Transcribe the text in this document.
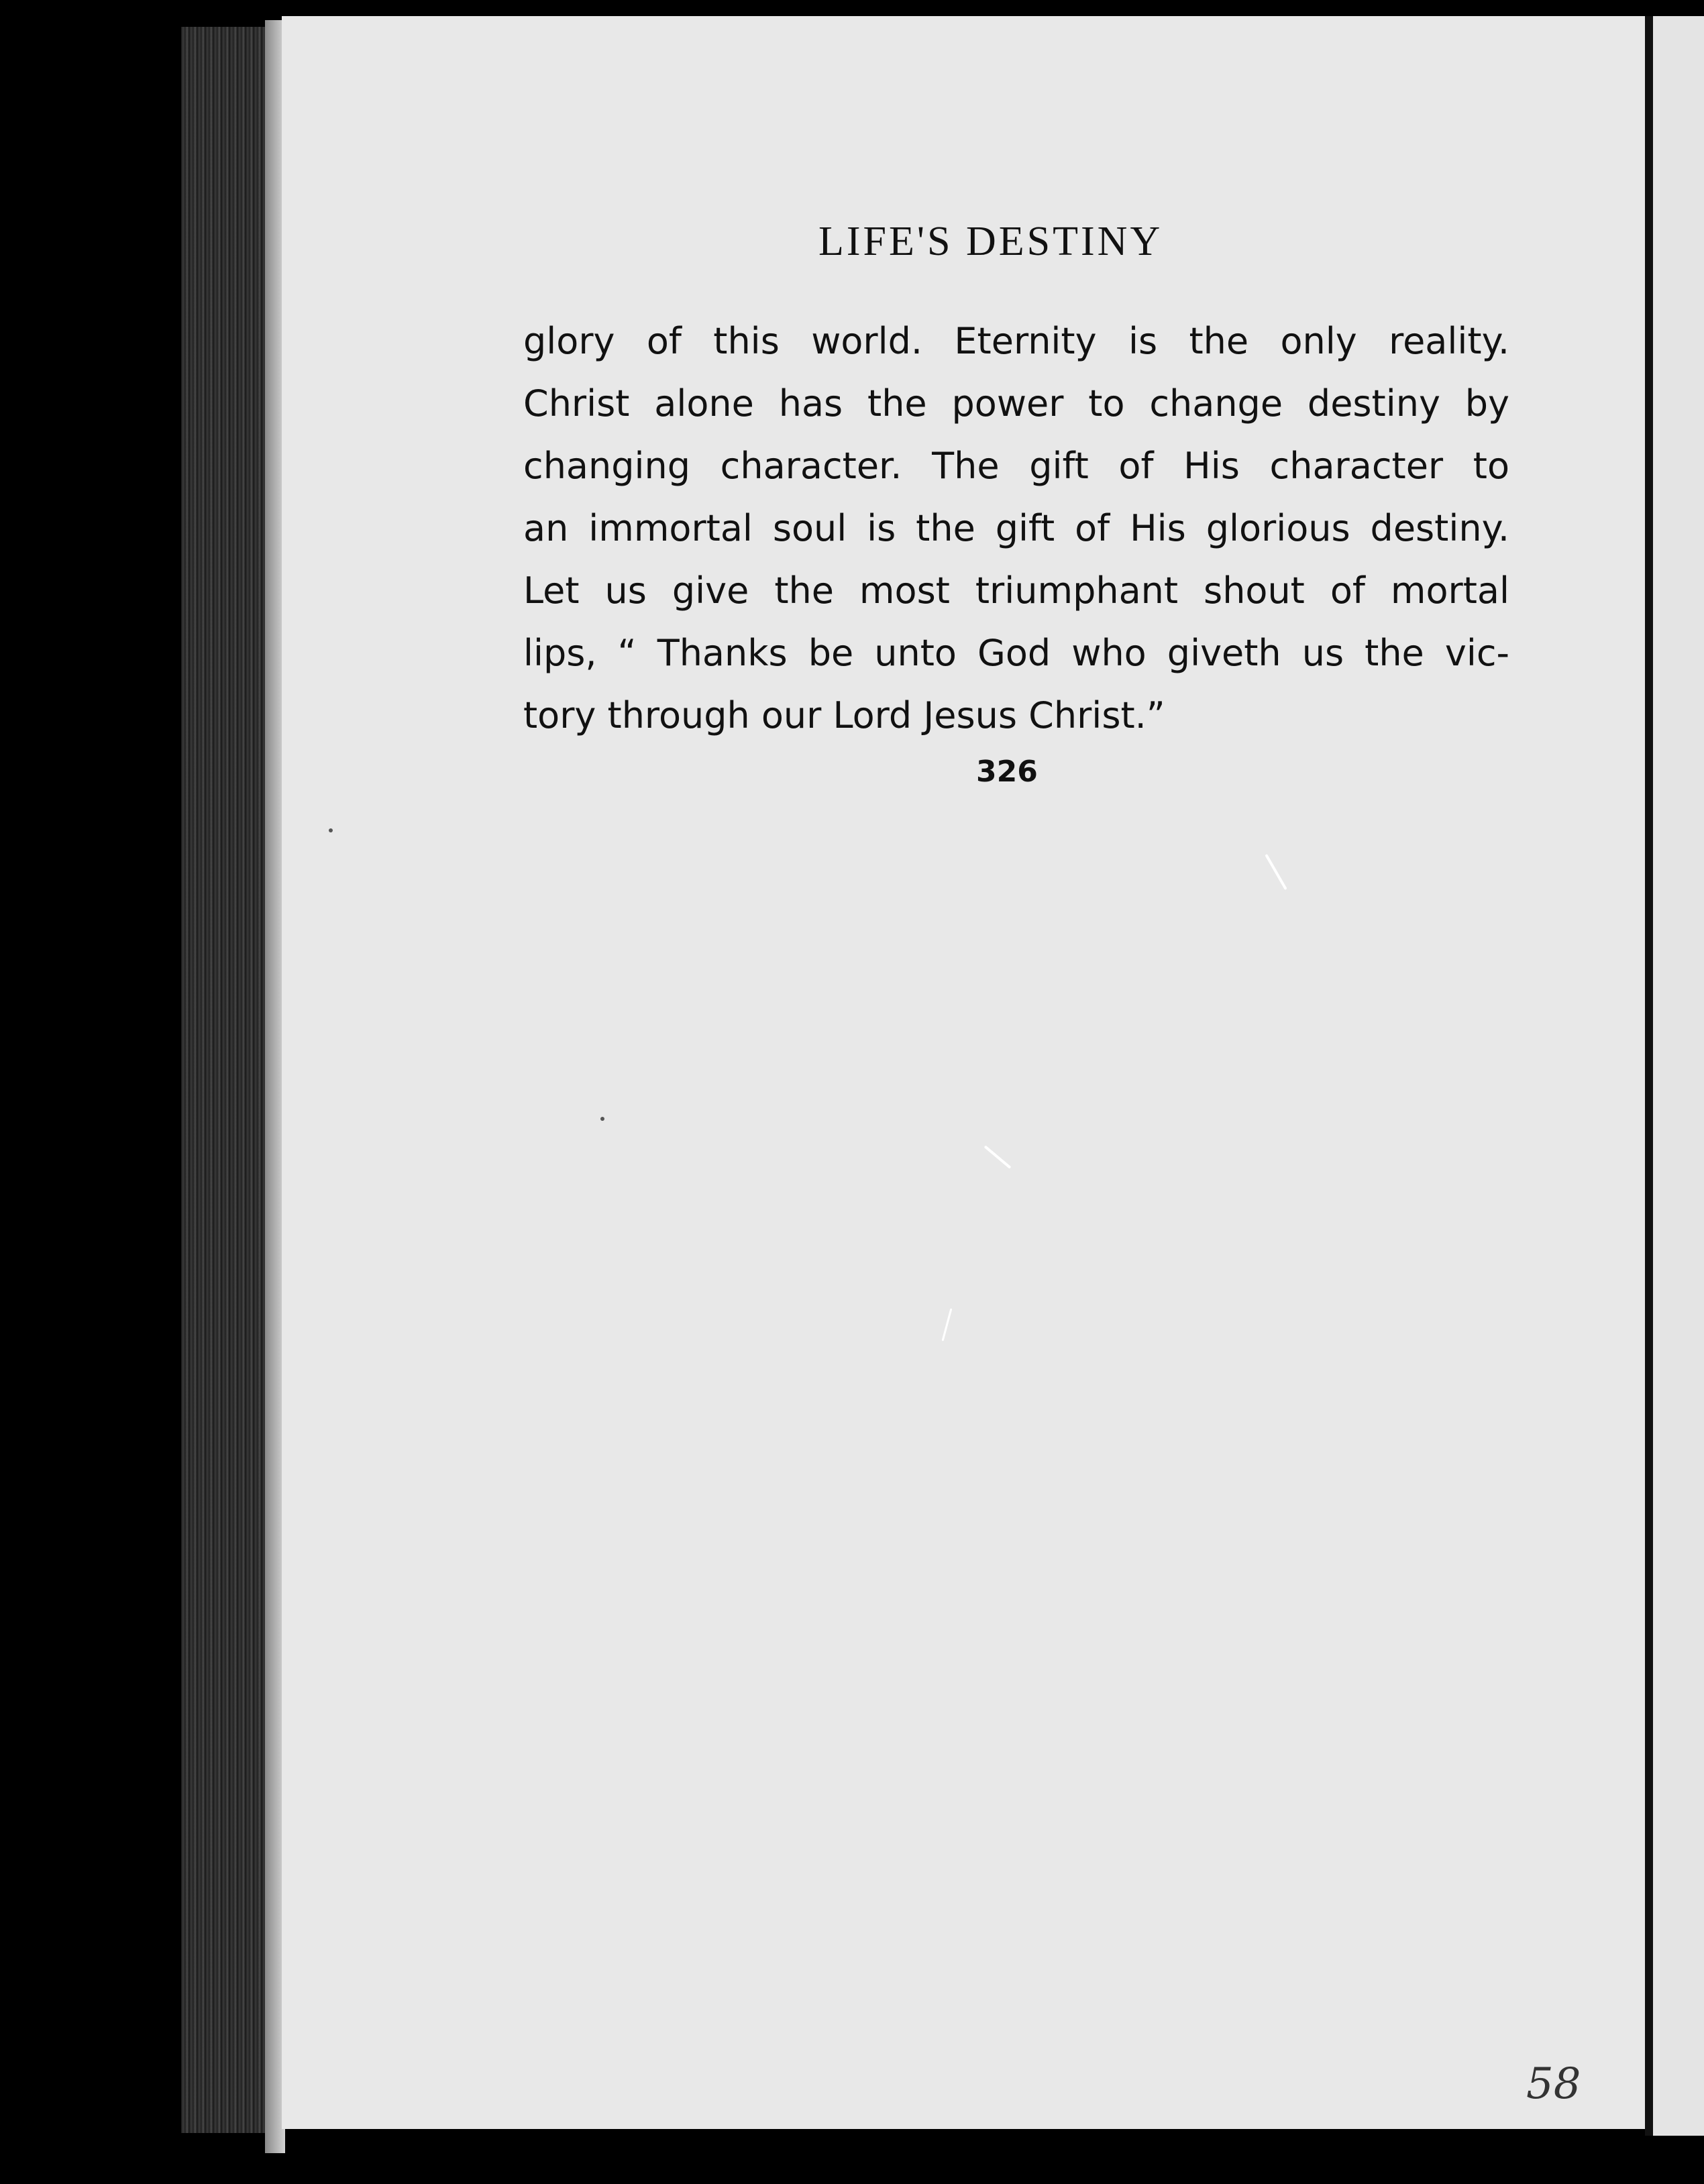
LIFE'S DESTINY
glory of this world. Eternity is the only reality.
Christ alone has the power to change destiny by
changing character. The gift of His character to
an immortal soul is the gift of His glorious destiny.
Let us give the most triumphant shout of mortal
lips, “ Thanks be unto God who giveth us the vic-
tory through our Lord Jesus Christ.”
326
58
